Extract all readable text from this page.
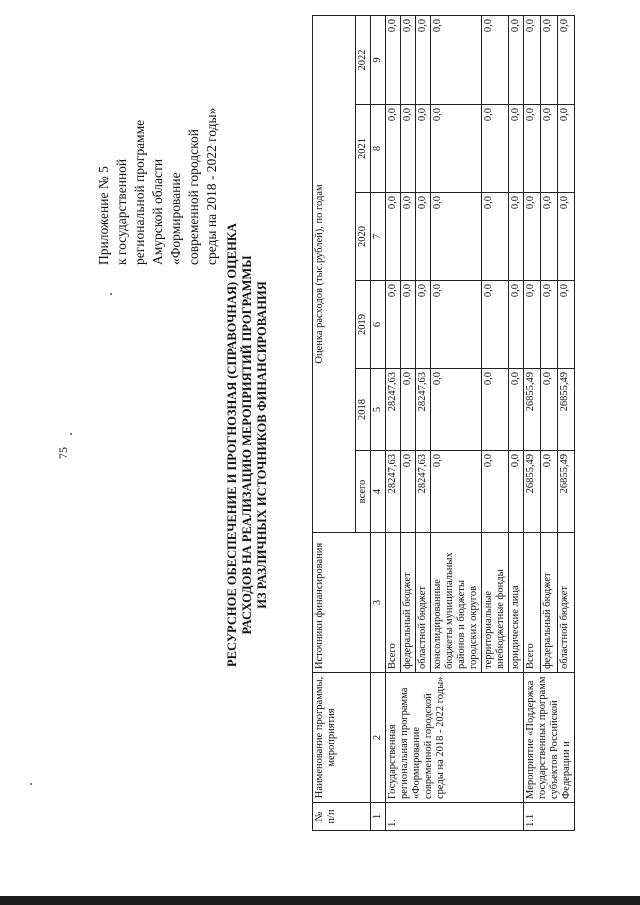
75
Приложение № 5 к государственной региональной программе Амурской области «Формирование современной городской среды на 2018 - 2022 годы»
РЕСУРСНОЕ ОБЕСПЕЧЕНИЕ И ПРОГНОЗНАЯ (СПРАВОЧНАЯ) ОЦЕНКА РАСХОДОВ НА РЕАЛИЗАЦИЮ МЕРОПРИЯТИЙ ПРОГРАММЫ ИЗ РАЗЛИЧНЫХ ИСТОЧНИКОВ ФИНАНСИРОВАНИЯ
№ п/п	Наименование программы, мероприятия	Источники финансирования	Оценка расходов (тыс.рублей), по годам					
			всего	2018	2019	2020	2021	2022
1	2	3	4	5	6	7	8	9
1.	Государственная региональная программа «Формирование современной городской среды на 2018 - 2022 годы»	Всего	28247,63	28247,63	0,0	0,0	0,0	0,0
		федеральный бюджет	0,0	0,0	0,0	0,0	0,0	0,0
		областной бюджет	28247,63	28247,63	0,0	0,0	0,0	0,0
		консолидированные бюджеты муниципальных районов и бюджеты городских округов	0,0	0,0	0,0	0,0	0,0	0,0
		территориальные внебюджетные фонды	0,0	0,0	0,0	0,0	0,0	0,0
		юридические лица	0,0	0,0	0,0	0,0	0,0	0,0
1.1	Мероприятие «Поддержка государственных программ субъектов Российской Федерации и	Всего	26855,49	26855,49	0,0	0,0	0,0	0,0
		федеральный бюджет	0,0	0,0	0,0	0,0	0,0	0,0
		областной бюджет	26855,49	26855,49	0,0	0,0	0,0	0,0
